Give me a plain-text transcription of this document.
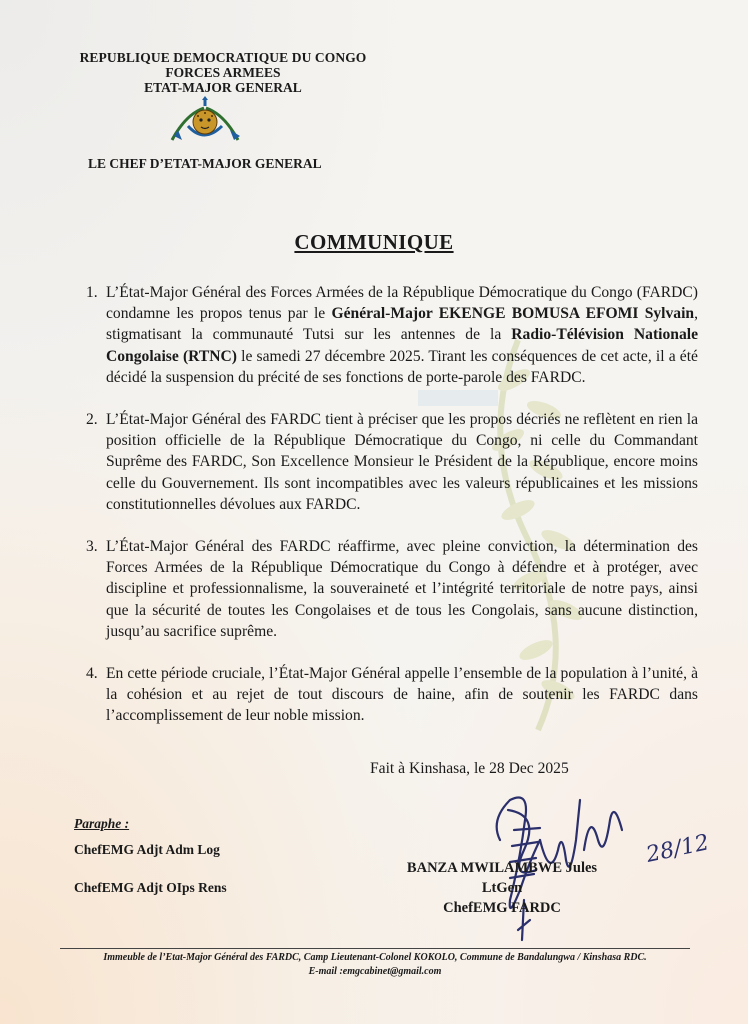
REPUBLIQUE DEMOCRATIQUE DU CONGO
FORCES ARMEES
ETAT-MAJOR GENERAL
LE CHEF D’ETAT-MAJOR GENERAL
COMMUNIQUE
1. L’État-Major Général des Forces Armées de la République Démocratique du Congo (FARDC) condamne les propos tenus par le Général-Major EKENGE BOMUSA EFOMI Sylvain, stigmatisant la communauté Tutsi sur les antennes de la Radio-Télévision Nationale Congolaise (RTNC) le samedi 27 décembre 2025. Tirant les conséquences de cet acte, il a été décidé la suspension du précité de ses fonctions de porte-parole des FARDC.
2. L’État-Major Général des FARDC tient à préciser que les propos décriés ne reflètent en rien la position officielle de la République Démocratique du Congo, ni celle du Commandant Suprême des FARDC, Son Excellence Monsieur le Président de la République, encore moins celle du Gouvernement. Ils sont incompatibles avec les valeurs républicaines et les missions constitutionnelles dévolues aux FARDC.
3. L’État-Major Général des FARDC réaffirme, avec pleine conviction, la détermination des Forces Armées de la République Démocratique du Congo à défendre et à protéger, avec discipline et professionnalisme, la souveraineté et l’intégrité territoriale de notre pays, ainsi que la sécurité de toutes les Congolaises et de tous les Congolais, sans aucune distinction, jusqu’au sacrifice suprême.
4. En cette période cruciale, l’État-Major Général appelle l’ensemble de la population à l’unité, à la cohésion et au rejet de tout discours de haine, afin de soutenir les FARDC dans l’accomplissement de leur noble mission.
Fait à Kinshasa, le 28 Dec 2025
Paraphe :
ChefEMG Adjt Adm Log
ChefEMG Adjt OIps Rens
28/12
BANZA MWILAMBWE Jules
LtGen
ChefEMG FARDC
Immeuble de l’Etat-Major Général des FARDC, Camp Lieutenant-Colonel KOKOLO, Commune de Bandalungwa / Kinshasa RDC.
E-mail :emgcabinet@gmail.com
